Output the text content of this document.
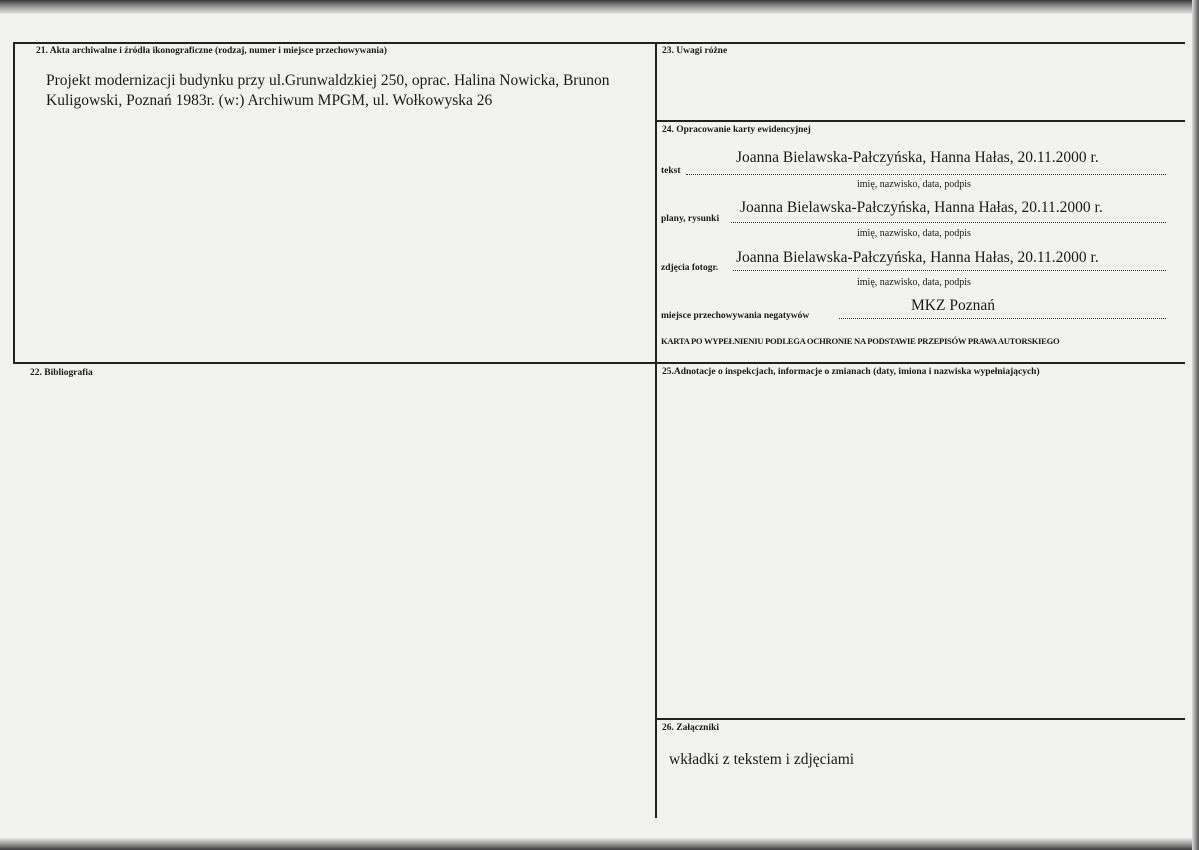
21. Akta archiwalne i źródła ikonograficzne (rodzaj, numer i miejsce przechowywania)
Projekt modernizacji budynku przy ul.Grunwaldzkiej 250, oprac. Halina Nowicka, Brunon
Kuligowski, Poznań 1983r. (w:) Archiwum MPGM, ul. Wołkowyska 26
22. Bibliografia
23. Uwagi różne
24. Opracowanie karty ewidencyjnej
Joanna Bielawska-Pałczyńska, Hanna Hałas, 20.11.2000 r.
tekst
imię, nazwisko, data, podpis
Joanna Bielawska-Pałczyńska, Hanna Hałas, 20.11.2000 r.
plany, rysunki
imię, nazwisko, data, podpis
Joanna Bielawska-Pałczyńska, Hanna Hałas, 20.11.2000 r.
zdjęcia fotogr.
imię, nazwisko, data, podpis
MKZ Poznań
miejsce przechowywania negatywów
KARTA PO WYPEŁNIENIU PODLEGA OCHRONIE NA PODSTAWIE PRZEPISÓW PRAWA AUTORSKIEGO
25.Adnotacje o inspekcjach, informacje o zmianach (daty, imiona i nazwiska wypełniających)
26. Załączniki
wkładki z tekstem i zdjęciami
